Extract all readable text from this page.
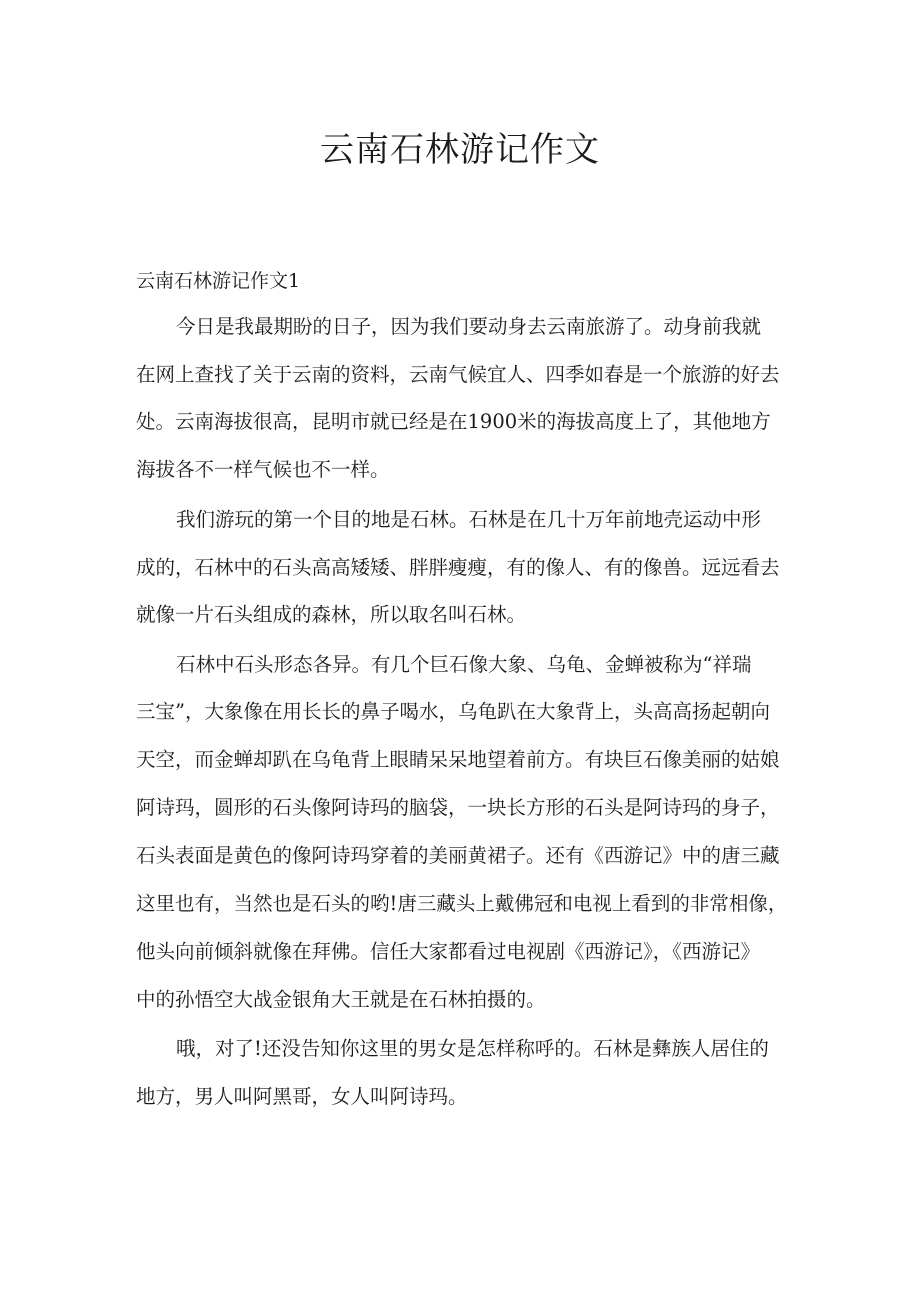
云南石林游记作文

云南石林游记作文1

今日是我最期盼的日子，因为我们要动身去云南旅游了。动身前我就

在网上查找了关于云南的资料，云南气候宜人、四季如春是一个旅游的好去

处。云南海拔很高，昆明市就已经是在1900米的海拔高度上了，其他地方

海拔各不一样气候也不一样。

我们游玩的第一个目的地是石林。石林是在几十万年前地壳运动中形

成的，石林中的石头高高矮矮、胖胖瘦瘦，有的像人、有的像兽。远远看去

就像一片石头组成的森林，所以取名叫石林。

石林中石头形态各异。有几个巨石像大象、乌龟、金蝉被称为“祥瑞

三宝”，大象像在用长长的鼻子喝水，乌龟趴在大象背上，头高高扬起朝向

天空，而金蝉却趴在乌龟背上眼睛呆呆地望着前方。有块巨石像美丽的姑娘

阿诗玛，圆形的石头像阿诗玛的脑袋，一块长方形的石头是阿诗玛的身子，

石头表面是黄色的像阿诗玛穿着的美丽黄裙子。还有《西游记》中的唐三藏

这里也有，当然也是石头的哟!唐三藏头上戴佛冠和电视上看到的非常相像，

他头向前倾斜就像在拜佛。信任大家都看过电视剧《西游记》，《西游记》

中的孙悟空大战金银角大王就是在石林拍摄的。

哦，对了!还没告知你这里的男女是怎样称呼的。石林是彝族人居住的

地方，男人叫阿黑哥，女人叫阿诗玛。
